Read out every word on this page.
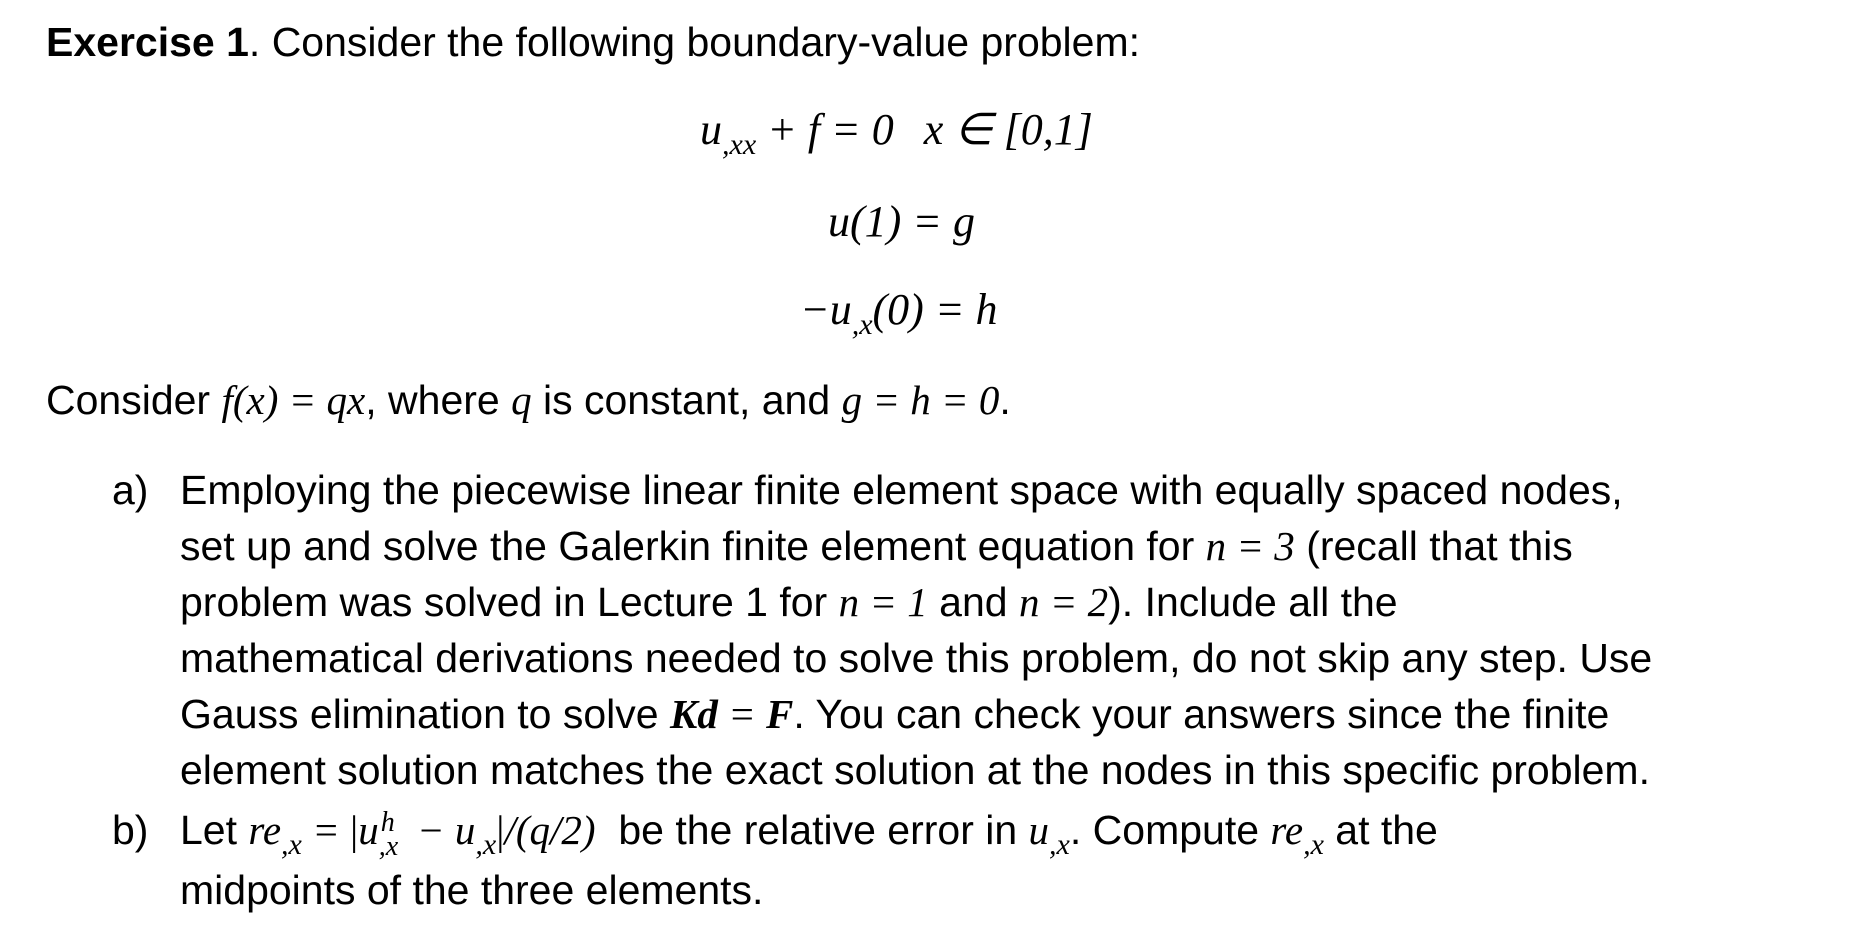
Exercise 1. Consider the following boundary-value problem:
$u_{,xx} + f = 0$ x ∈ [0,1]
u(1) = g
$-u_{,x}(0) = h$
Consider f(x) = qx, where q is constant, and g = h = 0.
a) Employing the piecewise linear finite element space with equally spaced nodes,
set up and solve the Galerkin finite element equation for n = 3 (recall that this
problem was solved in Lecture 1 for n = 1 and n = 2). Include all the
mathematical derivations needed to solve this problem, do not skip any step. Use
Gauss elimination to solve Kd = F. You can check your answers since the finite
element solution matches the exact solution at the nodes in this specific problem.
b) Let $re_{,x} = |u$ h
$,x - u_{,x}|/(q/2)$  be the relative error in $u_{,x}$. Compute $re_{,x}$ at the
midpoints of the three elements.
